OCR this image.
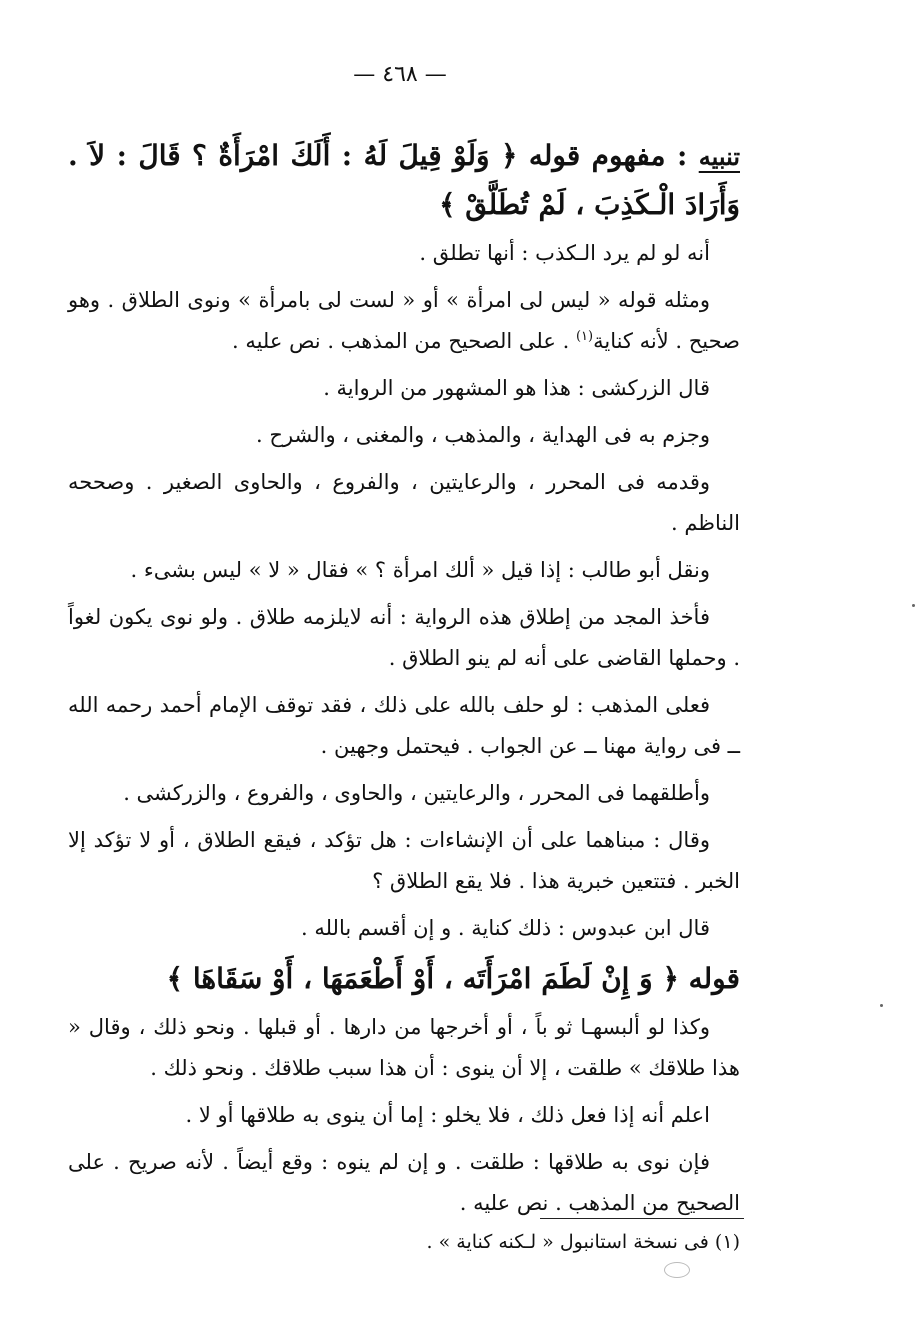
— ٤٦٨ —

تنبيه : مفهوم قوله ﴿ وَلَوْ قِيلَ لَهُ : أَلَكَ امْرَأَةٌ ؟ قَالَ : لاَ . وَأَرَادَ الْـكَذِبَ ، لَمْ تُطَلَّقْ ﴾

أنه لو لم يرد الـكذب : أنها تطلق .

ومثله قوله « ليس لى امرأة » أو « لست لى بامرأة » ونوى الطلاق . وهو صحيح . لأنه كناية$^{(١)}$ . على الصحيح من المذهب . نص عليه .

قال الزركشى : هذا هو المشهور من الرواية .

وجزم به فى الهداية ، والمذهب ، والمغنى ، والشرح .

وقدمه فى المحرر ، والرعايتين ، والفروع ، والحاوى الصغير . وصححه الناظم .

ونقل أبو طالب : إذا قيل « ألك امرأة ؟ » فقال « لا » ليس بشىء .

فأخذ المجد من إطلاق هذه الرواية : أنه لايلزمه طلاق . ولو نوى يكون لغواً . وحملها القاضى على أنه لم ينو الطلاق .

فعلى المذهب : لو حلف بالله على ذلك ، فقد توقف الإمام أحمد رحمه الله ــ فى رواية مهنا ــ عن الجواب . فيحتمل وجهين .

وأطلقهما فى المحرر ، والرعايتين ، والحاوى ، والفروع ، والزركشى .

وقال : مبناهما على أن الإنشاءات : هل تؤكد ، فيقع الطلاق ، أو لا تؤكد إلا الخبر . فتتعين خبرية هذا . فلا يقع الطلاق ؟

قال ابن عبدوس : ذلك كناية . و إن أقسم بالله .

قوله ﴿ وَ إِنْ لَطَمَ امْرَأَتَه ، أَوْ أَطْعَمَهَا ، أَوْ سَقَاهَا ﴾

وكذا لو ألبسهـا ثو باً ، أو أخرجها من دارها . أو قبلها . ونحو ذلك ، وقال « هذا طلاقك » طلقت ، إلا أن ينوى : أن هذا سبب طلاقك . ونحو ذلك .

اعلم أنه إذا فعل ذلك ، فلا يخلو : إما أن ينوى به طلاقها أو لا .

فإن نوى به طلاقها : طلقت . و إن لم ينوه : وقع أيضاً . لأنه صريح . على الصحيح من المذهب . نص عليه .

(١) فى نسخة استانبول « لـكنه كناية » .
